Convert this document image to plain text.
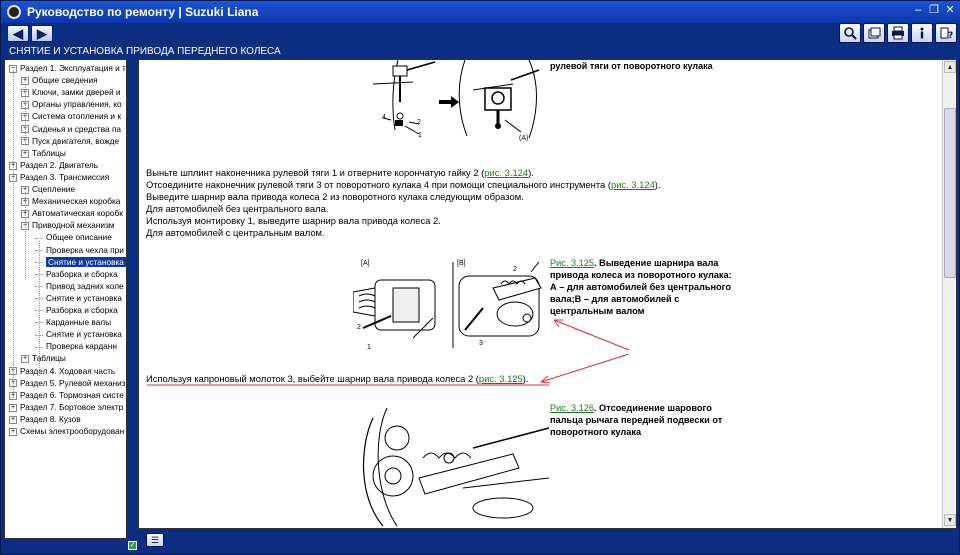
Руководство по ремонту | Suzuki Liana	– ❐ ✕
◀	▶	?
СНЯТИЕ И УСТАНОВКА ПРИВОДА ПЕРЕДНЕГО КОЛЕСА
− Раздел 1. Эксплуатация и т
+ Общие сведения
+ Ключи, замки дверей и
+ Органы управления, ко
+ Система отопления и к
+ Сиденья и средства па
+ Пуск двигателя, вожде
+ Таблицы
+ Раздел 2. Двигатель
− Раздел 3. Трансмиссия
+ Сцепление
+ Механическая коробка
+ Автоматическая коробк
− Приводной механизм
Общее описание
Проверка чехла при
Снятие и установка
Разборка и сборка
Привод задних коле
Снятие и установка
Разборка и сборка
Карданные валы
Снятие и установка
Проверка карданн
+ Таблицы
+ Раздел 4. Ходовая часть
+ Раздел 5. Рулевой механиз
+ Раздел 6. Тормозная систе
+ Раздел 7. Бортовое электр
+ Раздел 8. Кузов
+ Схемы электрооборудован
4
2
1	(A)
рулевой тяги от поворотного кулака
Выньте шплинт наконечника рулевой тяги 1 и отверните корончатую гайку 2 (рис. 3.124).
Отсоедините наконечник рулевой тяги 3 от поворотного кулака 4 при помощи специального инструмента (рис. 3.124).
Выведите шарнир вала привода колеса 2 из поворотного кулака следующим образом.
Для автомобилей без центрального вала.
Используя монтировку 1, выведите шарнир вала привода колеса 2.
Для автомобилей с центральным валом.
[A]	[B]
2
1
2
3
Рис. 3.125. Выведение шарнира вала привода колеса из поворотного кулака: А – для автомобилей без центрального вала;В – для автомобилей с центральным валом
Используя капроновый молоток 3, выбейте шарнир вала привода колеса 2 (рис. 3.125).
Рис. 3.126. Отсоединение шарового пальца рычага передней подвески от поворотного кулака
▲
▼
☰
✓
